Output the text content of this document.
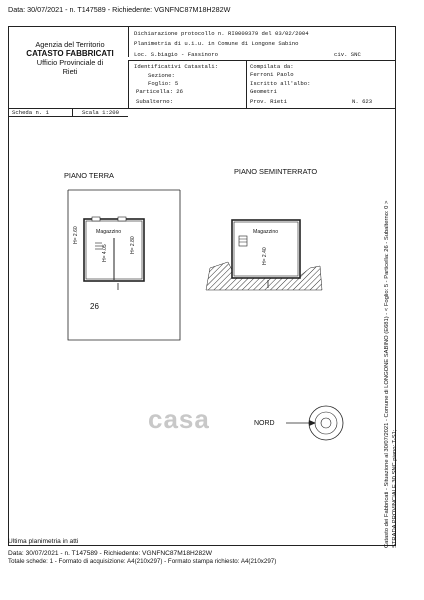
Data: 30/07/2021 - n. T147589 - Richiedente: VGNFNC87M18H282W
Agenzia del Territorio
CATASTO FABBRICATI
Ufficio Provinciale di
Rieti
Dichiarazione protocollo n. RI0009379 del 03/02/2004
Planimetria di u.i.u. in Comune di Longone Sabino
Loc. S.biagio - Fassinoro	civ. SNC
Identificativi Catastali:
Sezione:
Foglio: 5
Particella: 26
Subalterno:
Compilata da:
Ferroni Paolo
Iscritto all'albo:
Geometri
Prov. Rieti	N. 623
Scheda n. 1	Scala 1:200
PIANO TERRA	PIANO SEMINTERRATO
Magazzino	Magazzino
H= 2.60
H= 4.05	H= 2.80
H= 2.40
26
NORD
casa	Catasto dei Fabbricati - Situazione al 30/07/2021 - Comune di LONGONE SABINO (E681) - < Foglio: 5 - Particella: 26 - Subalterno: 0 > STRADA PROVINCIALE 30 SNC piano: T-S1;
Ultima planimetria in atti
Data: 30/07/2021 - n. T147589 - Richiedente: VGNFNC87M18H282W
Totale schede: 1 - Formato di acquisizione: A4(210x297) - Formato stampa richiesto: A4(210x297)
